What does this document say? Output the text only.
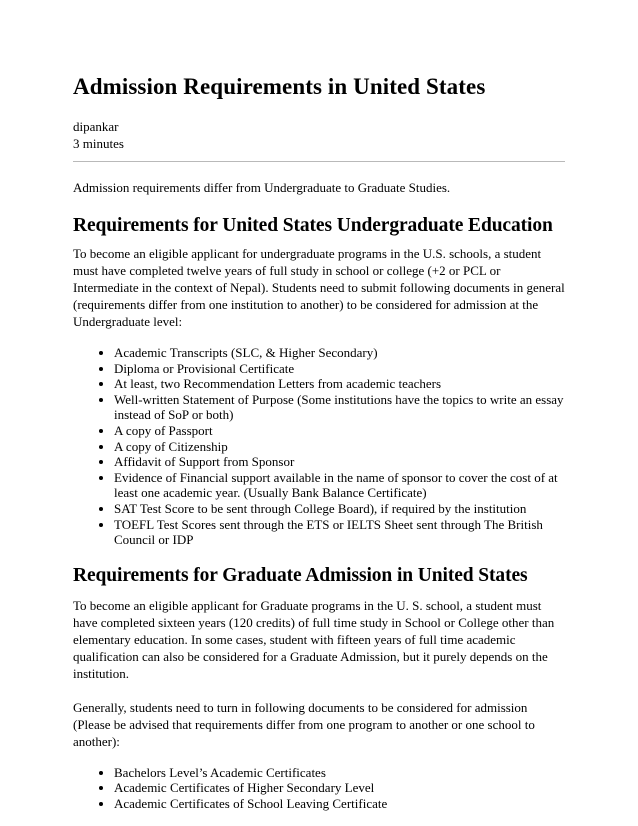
Admission Requirements in United States
dipankar
3 minutes

Admission requirements differ from Undergraduate to Graduate Studies.

Requirements for United States Undergraduate Education

To become an eligible applicant for undergraduate programs in the U.S. schools, a student must have completed twelve years of full study in school or college (+2 or PCL or Intermediate in the context of Nepal). Students need to submit following documents in general (requirements differ from one institution to another) to be considered for admission at the Undergraduate level:

• Academic Transcripts (SLC, & Higher Secondary)
• Diploma or Provisional Certificate
• At least, two Recommendation Letters from academic teachers
• Well-written Statement of Purpose (Some institutions have the topics to write an essay instead of SoP or both)
• A copy of Passport
• A copy of Citizenship
• Affidavit of Support from Sponsor
• Evidence of Financial support available in the name of sponsor to cover the cost of at least one academic year. (Usually Bank Balance Certificate)
• SAT Test Score to be sent through College Board), if required by the institution
• TOEFL Test Scores sent through the ETS or IELTS Sheet sent through The British Council or IDP
Requirements for Graduate Admission in United States

To become an eligible applicant for Graduate programs in the U. S. school, a student must have completed sixteen years (120 credits) of full time study in School or College other than elementary education. In some cases, student with fifteen years of full time academic qualification can also be considered for a Graduate Admission, but it purely depends on the institution.

Generally, students need to turn in following documents to be considered for admission (Please be advised that requirements differ from one program to another or one school to another):

• Bachelors Level’s Academic Certificates
• Academic Certificates of Higher Secondary Level
• Academic Certificates of School Leaving Certificate
